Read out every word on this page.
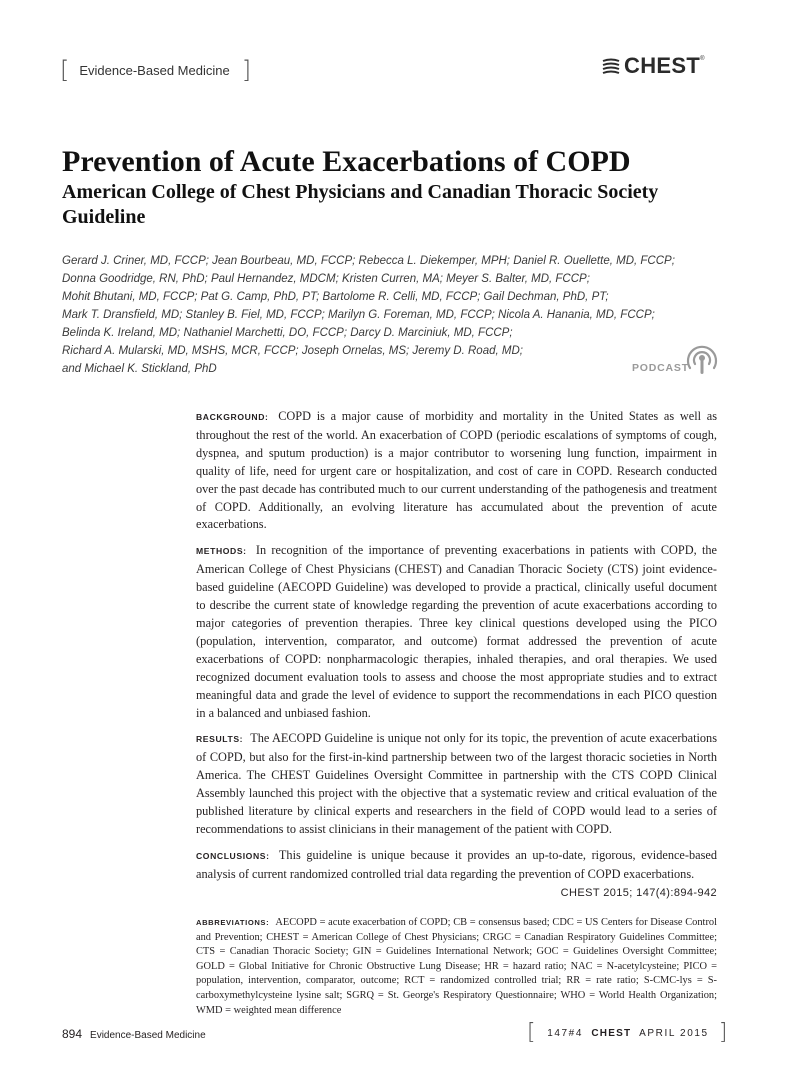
[ Evidence-Based Medicine ]	CHEST ®
Prevention of Acute Exacerbations of COPD
American College of Chest Physicians and Canadian Thoracic Society Guideline
Gerard J. Criner, MD, FCCP; Jean Bourbeau, MD, FCCP; Rebecca L. Diekemper, MPH; Daniel R. Ouellette, MD, FCCP;
Donna Goodridge, RN, PhD; Paul Hernandez, MDCM; Kristen Curren, MA; Meyer S. Balter, MD, FCCP;
Mohit Bhutani, MD, FCCP; Pat G. Camp, PhD, PT; Bartolome R. Celli, MD, FCCP; Gail Dechman, PhD, PT;
Mark T. Dransfield, MD; Stanley B. Fiel, MD, FCCP; Marilyn G. Foreman, MD, FCCP; Nicola A. Hanania, MD, FCCP;
Belinda K. Ireland, MD; Nathaniel Marchetti, DO, FCCP; Darcy D. Marciniuk, MD, FCCP;
Richard A. Mularski, MD, MSHS, MCR, FCCP; Joseph Ornelas, MS; Jeremy D. Road, MD;
and Michael K. Stickland, PhD	PODCAST

BACKGROUND: COPD is a major cause of morbidity and mortality in the United States as well as throughout the rest of the world. An exacerbation of COPD (periodic escalations of symptoms of cough, dyspnea, and sputum production) is a major contributor to worsening lung function, impairment in quality of life, need for urgent care or hospitalization, and cost of care in COPD. Research conducted over the past decade has contributed much to our current understanding of the pathogenesis and treatment of COPD. Additionally, an evolving literature has accumulated about the prevention of acute exacerbations.

METHODS: In recognition of the importance of preventing exacerbations in patients with COPD, the American College of Chest Physicians (CHEST) and Canadian Thoracic Society (CTS) joint evidence-based guideline (AECOPD Guideline) was developed to provide a practical, clinically useful document to describe the current state of knowledge regarding the prevention of acute exacerbations according to major categories of prevention therapies. Three key clinical questions developed using the PICO (population, intervention, comparator, and outcome) format addressed the prevention of acute exacerbations of COPD: nonpharmacologic therapies, inhaled therapies, and oral therapies. We used recognized document evaluation tools to assess and choose the most appropriate studies and to extract meaningful data and grade the level of evidence to support the recommendations in each PICO question in a balanced and unbiased fashion.

RESULTS: The AECOPD Guideline is unique not only for its topic, the prevention of acute exacerbations of COPD, but also for the first-in-kind partnership between two of the largest thoracic societies in North America. The CHEST Guidelines Oversight Committee in partnership with the CTS COPD Clinical Assembly launched this project with the objective that a systematic review and critical evaluation of the published literature by clinical experts and researchers in the field of COPD would lead to a series of recommendations to assist clinicians in their management of the patient with COPD.

CONCLUSIONS: This guideline is unique because it provides an up-to-date, rigorous, evidence-based analysis of current randomized controlled trial data regarding the prevention of COPD exacerbations.
CHEST 2015; 147(4):894-942

ABBREVIATIONS: AECOPD = acute exacerbation of COPD; CB = consensus based; CDC = US Centers for Disease Control and Prevention; CHEST = American College of Chest Physicians; CRGC = Canadian Respiratory Guidelines Committee; CTS = Canadian Thoracic Society; GIN = Guidelines International Network; GOC = Guidelines Oversight Committee; GOLD = Global Initiative for Chronic Obstructive Lung Disease; HR = hazard ratio; NAC = N-acetylcysteine; PICO = population, intervention, comparator, outcome; RCT = randomized controlled trial; RR = rate ratio; S-CMC-lys = S-carboxymethylcysteine lysine salt; SGRQ = St. George's Respiratory Questionnaire; WHO = World Health Organization; WMD = weighted mean difference

894 Evidence-Based Medicine	[	147#4 CHEST APRIL 2015 ]
